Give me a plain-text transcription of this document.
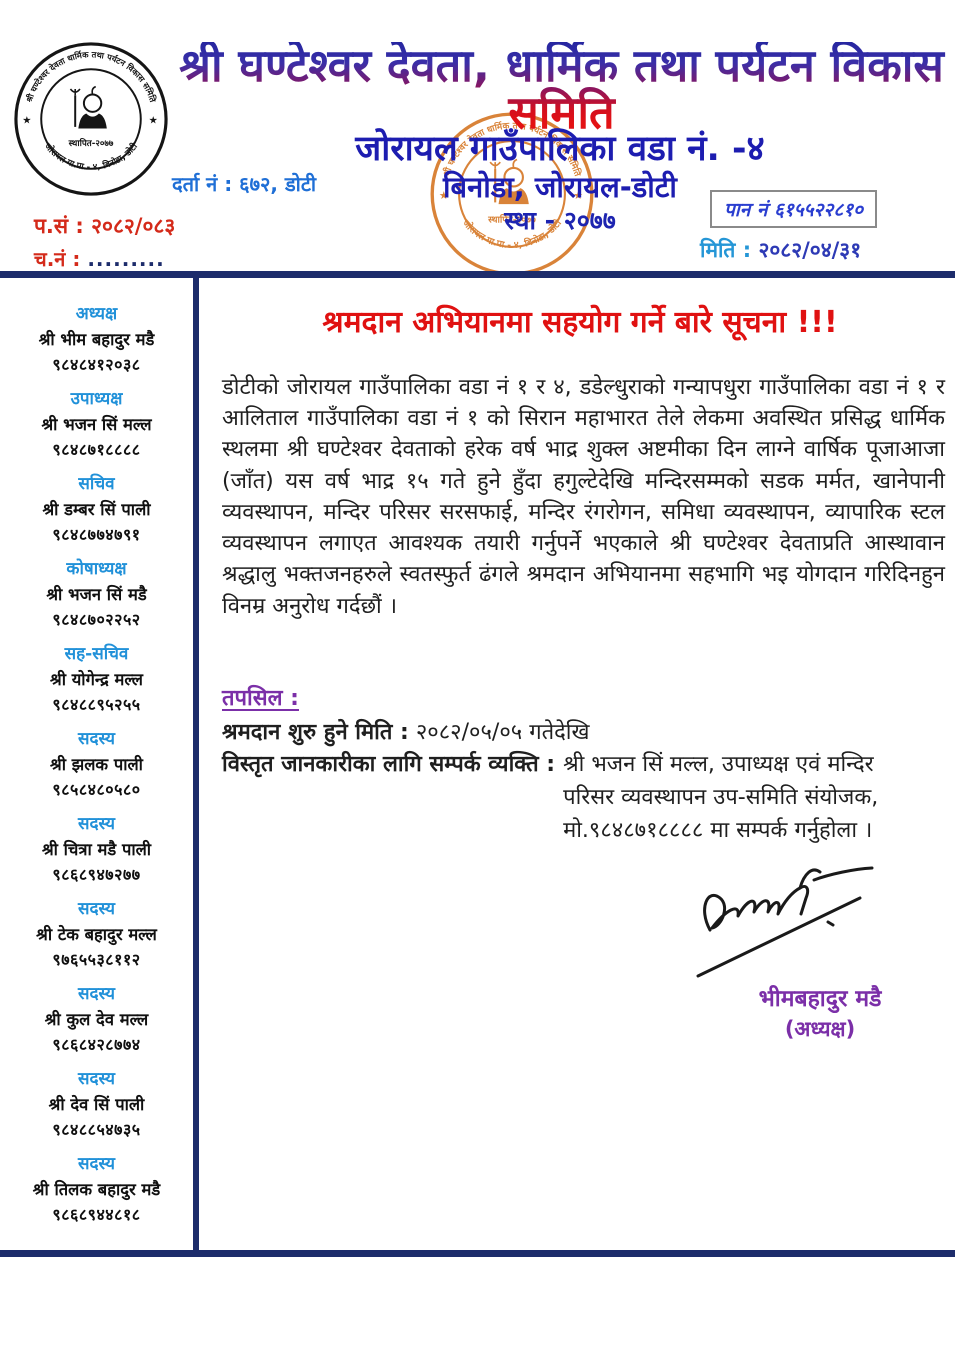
श्री घण्टेश्वर देवता, धार्मिक तथा पर्यटन विकास समिति
जोरायल गाउँपालिका वडा नं. -४
बिनोडा, जोरायल-डोटी
स्था - २०७७
दर्ता नं : ६७२, डोटी
प.सं : २०८२/०८३
च.नं : .........
पान नं ६१५५२२८१०
मिति : २०८२/०४/३१
अध्यक्ष
श्री भीम बहादुर मडै
९८४८४१२०३८
उपाध्यक्ष
श्री भजन सिं मल्ल
९८४८७१८८८८
सचिव
श्री डम्बर सिं पाली
९८४८७७४७९१
कोषाध्यक्ष
श्री भजन सिं मडै
९८४८७०२२५२
सह-सचिव
श्री योगेन्द्र मल्ल
९८४८८९५२५५
सदस्य
श्री झलक पाली
९८५८४८०५८०
सदस्य
श्री चित्रा मडै पाली
९८६८९४७२७७
सदस्य
श्री टेक बहादुर मल्ल
९७६५५३८११२
सदस्य
श्री कुल देव मल्ल
९८६८४२८७७४
सदस्य
श्री देव सिं पाली
९८४८८५४७३५
सदस्य
श्री तिलक बहादुर मडै
९८६८९४४८१८
श्रमदान अभियानमा सहयोग गर्ने बारे सूचना !!!

डोटीको जोरायल गाउँपालिका वडा नं १ र ४, डडेल्धुराको गन्यापधुरा गाउँपालिका वडा नं १ र आलिताल गाउँपालिका वडा नं १ को सिरान महाभारत तेले लेकमा अवस्थित प्रसिद्ध धार्मिक स्थलमा श्री घण्टेश्वर देवताको हरेक वर्ष भाद्र शुक्ल अष्टमीका दिन लाग्ने वार्षिक पूजाआजा (जाँत) यस वर्ष भाद्र १५ गते हुने हुँदा हगुल्टेदेखि मन्दिरसम्मको सडक मर्मत, खानेपानी व्यवस्थापन, मन्दिर परिसर सरसफाई, मन्दिर रंगरोगन, समिधा व्यवस्थापन, व्यापारिक स्टल व्यवस्थापन लगाएत आवश्यक तयारी गर्नुपर्ने भएकाले श्री घण्टेश्वर देवताप्रति आस्थावान श्रद्धालु भक्तजनहरुले स्वतस्फुर्त ढंगले श्रमदान अभियानमा सहभागि भइ योगदान गरिदिनहुन विनम्र अनुरोध गर्दछौं ।

तपसिल :
श्रमदान शुरु हुने मिति : २०८२/०५/०५ गतेदेखि
विस्तृत जानकारीका लागि सम्पर्क व्यक्ति : श्री भजन सिं मल्ल, उपाध्यक्ष एवं मन्दिर
परिसर व्यवस्थापन उप-समिति संयोजक,
मो.९८४८७१८८८८ मा सम्पर्क गर्नुहोला ।
भीमबहादुर मडै
(अध्यक्ष)
